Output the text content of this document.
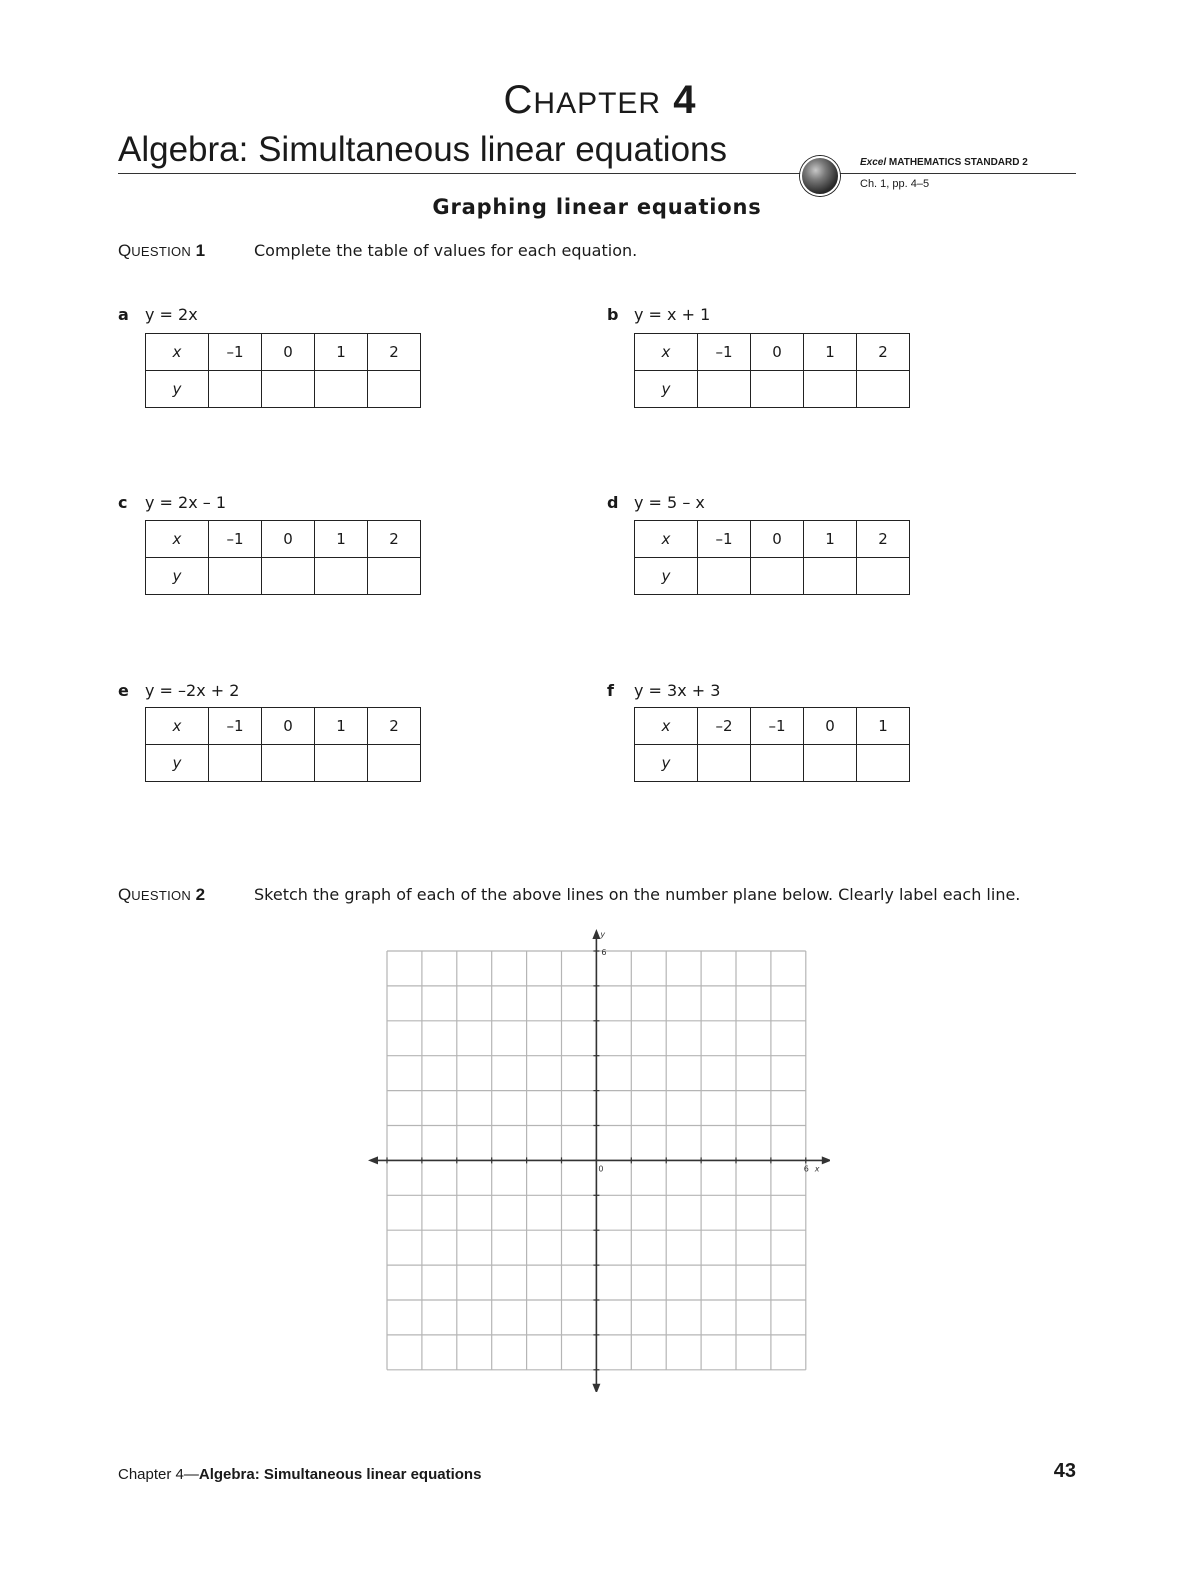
CHAPTER 4
Algebra: Simultaneous linear equations	Excel MATHEMATICS STANDARD 2
Ch. 1, pp. 4–5
Graphing linear equations
QUESTION 1	Complete the table of values for each equation.
a y = 2x
x	–1	0	1	2
y				
b y = x + 1
x	–1	0	1	2
y				
c y = 2x – 1
x	–1	0	1	2
y				
d y = 5 – x
x	–1	0	1	2
y				
e y = –2x + 2
x	–1	0	1	2
y				
f y = 3x + 3
x	–2	–1	0	1
y				
QUESTION 2	Sketch the graph of each of the above lines on the number plane below. Clearly label each line.
0	6 x
6
y
Chapter 4—Algebra: Simultaneous linear equations	43
